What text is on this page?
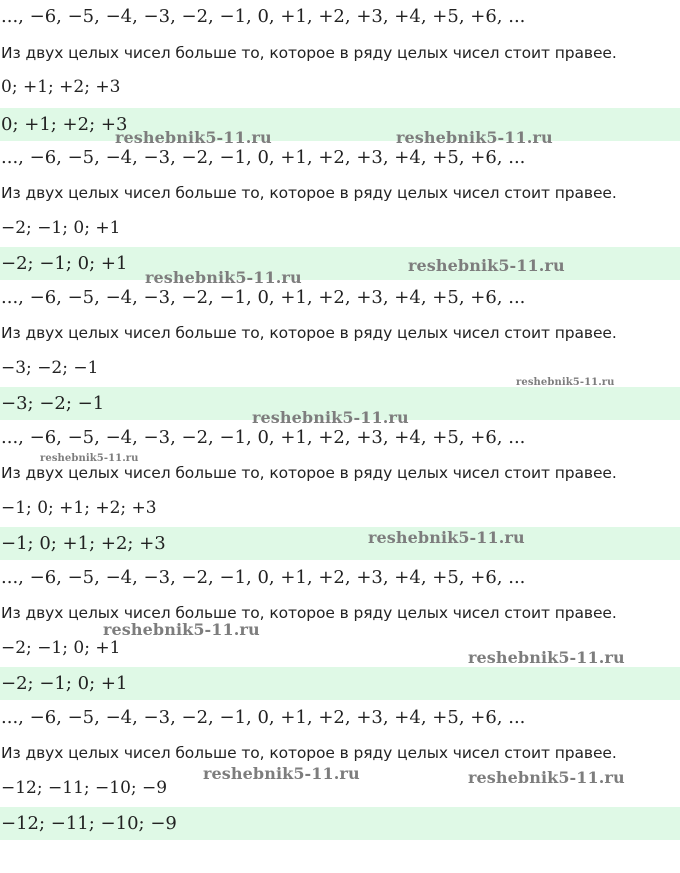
..., −6, −5, −4, −3, −2, −1, 0, +1, +2, +3, +4, +5, +6, ...
Из двух целых чисел больше то, которое в ряду целых чисел стоит правее.
0; +1; +2; +3
0; +1; +2; +3
..., −6, −5, −4, −3, −2, −1, 0, +1, +2, +3, +4, +5, +6, ...
Из двух целых чисел больше то, которое в ряду целых чисел стоит правее.
−2; −1; 0; +1
−2; −1; 0; +1
..., −6, −5, −4, −3, −2, −1, 0, +1, +2, +3, +4, +5, +6, ...
Из двух целых чисел больше то, которое в ряду целых чисел стоит правее.
−3; −2; −1
−3; −2; −1
..., −6, −5, −4, −3, −2, −1, 0, +1, +2, +3, +4, +5, +6, ...
Из двух целых чисел больше то, которое в ряду целых чисел стоит правее.
−1; 0; +1; +2; +3
−1; 0; +1; +2; +3
..., −6, −5, −4, −3, −2, −1, 0, +1, +2, +3, +4, +5, +6, ...
Из двух целых чисел больше то, которое в ряду целых чисел стоит правее.
−2; −1; 0; +1
−2; −1; 0; +1
..., −6, −5, −4, −3, −2, −1, 0, +1, +2, +3, +4, +5, +6, ...
Из двух целых чисел больше то, которое в ряду целых чисел стоит правее.
−12; −11; −10; −9
−12; −11; −10; −9
reshebnik5-11.ru	reshebnik5-11.ru
reshebnik5-11.ru
reshebnik5-11.ru
reshebnik5-11.ru
reshebnik5-11.ru
reshebnik5-11.ru
reshebnik5-11.ru
reshebnik5-11.ru
reshebnik5-11.ru
reshebnik5-11.ru	reshebnik5-11.ru
